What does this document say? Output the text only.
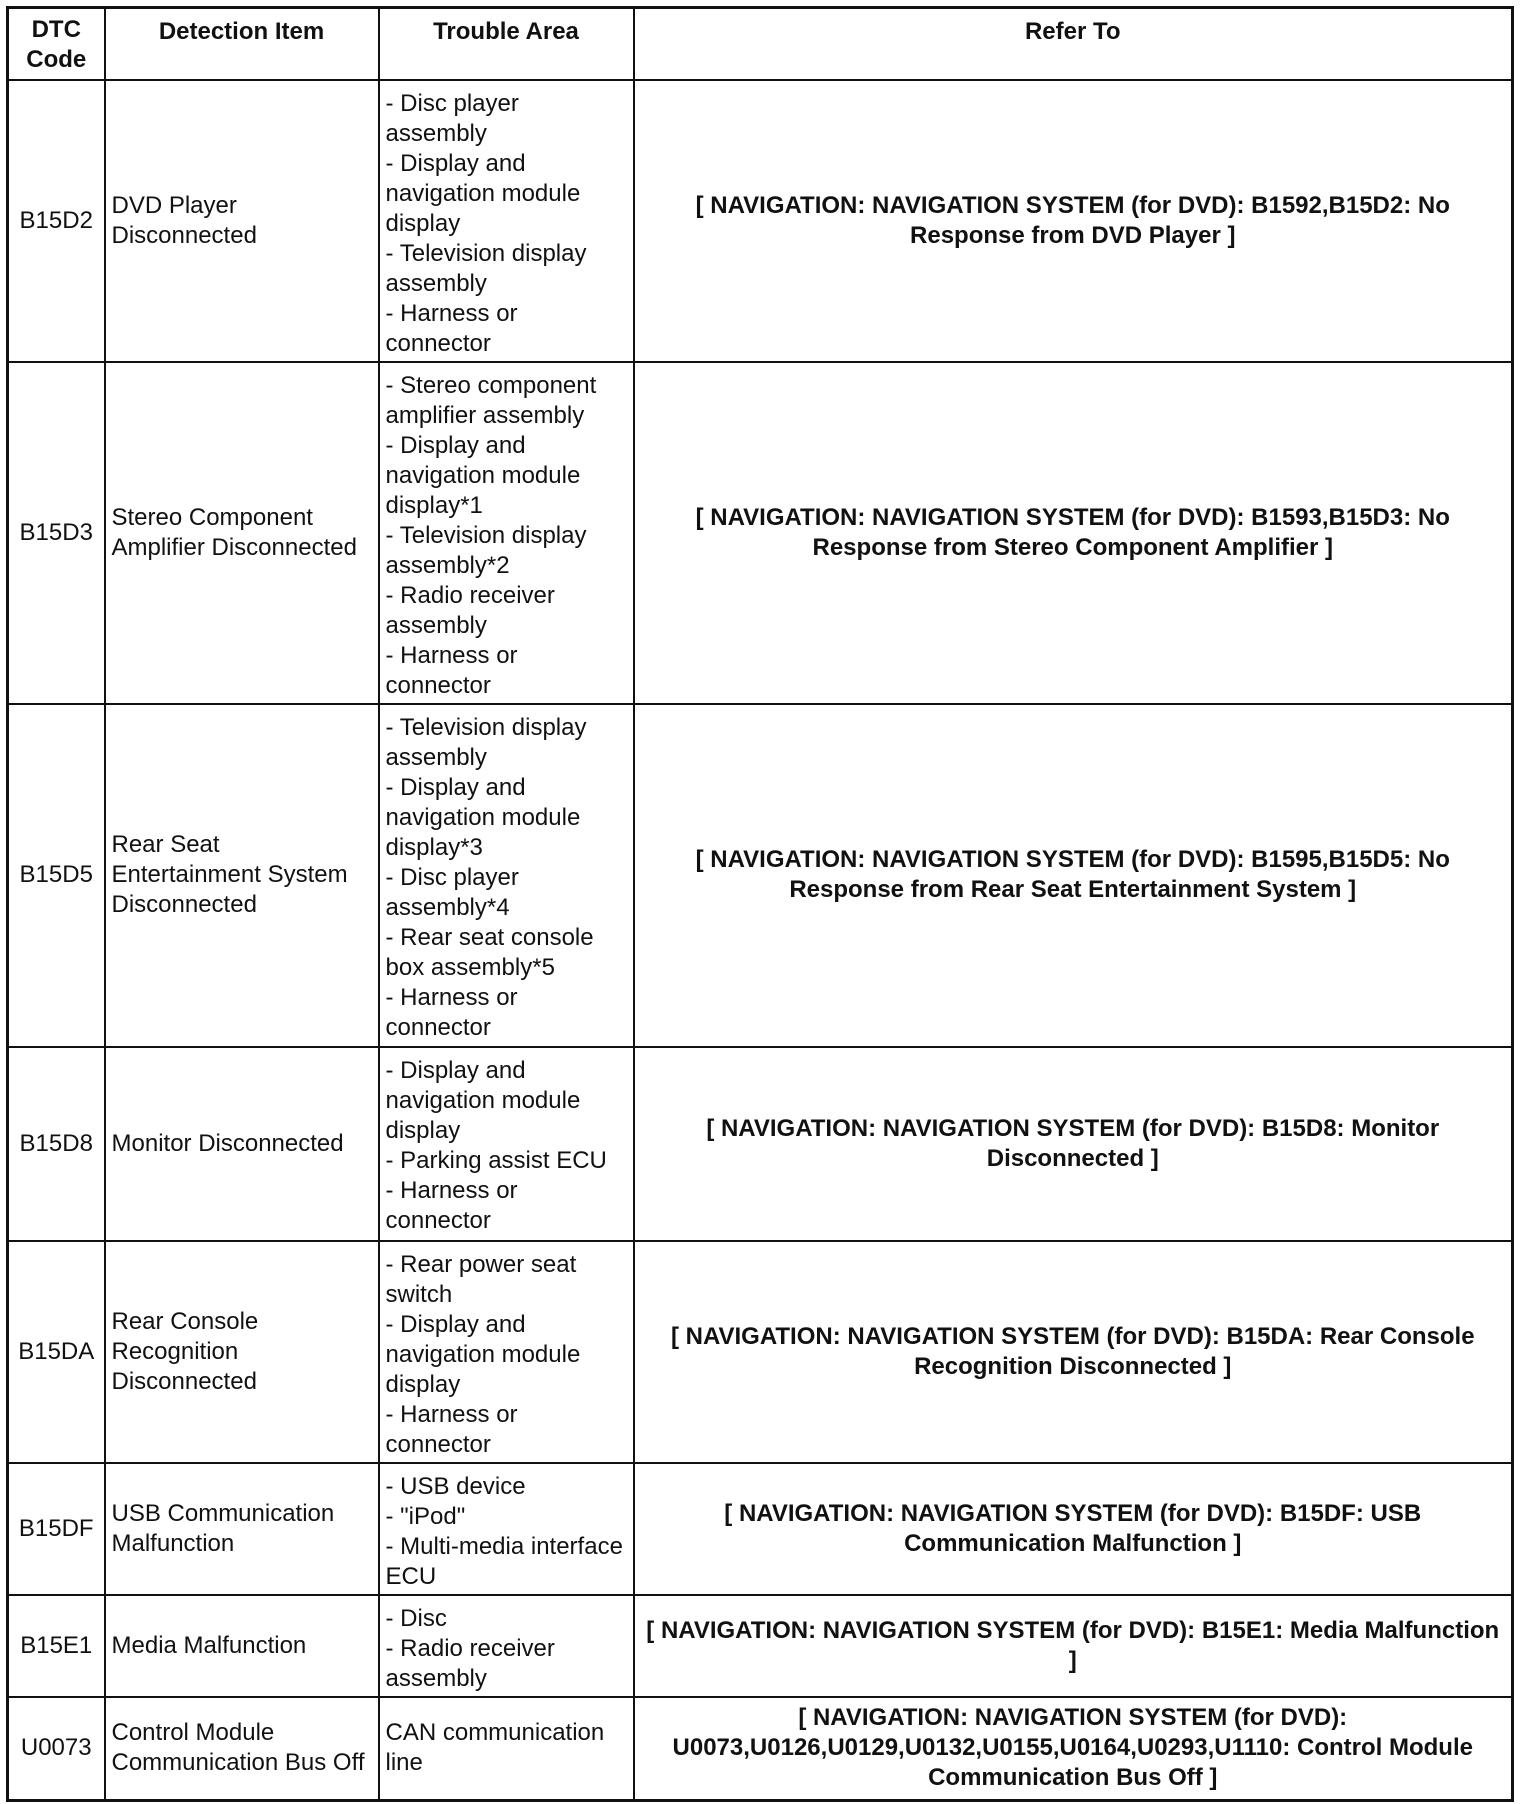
DTC Code	Detection Item	Trouble Area	Refer To
B15D2	DVD Player Disconnected	- Disc player assembly
- Display and navigation module display
- Television display assembly
- Harness or connector	[ NAVIGATION: NAVIGATION SYSTEM (for DVD): B1592,B15D2: No Response from DVD Player ]
B15D3	Stereo Component Amplifier Disconnected	- Stereo component amplifier assembly
- Display and navigation module display*1
- Television display assembly*2
- Radio receiver assembly
- Harness or connector	[ NAVIGATION: NAVIGATION SYSTEM (for DVD): B1593,B15D3: No Response from Stereo Component Amplifier ]
B15D5	Rear Seat Entertainment System Disconnected	- Television display assembly
- Display and navigation module display*3
- Disc player assembly*4
- Rear seat console box assembly*5
- Harness or connector	[ NAVIGATION: NAVIGATION SYSTEM (for DVD): B1595,B15D5: No Response from Rear Seat Entertainment System ]
B15D8	Monitor Disconnected	- Display and navigation module display
- Parking assist ECU
- Harness or connector	[ NAVIGATION: NAVIGATION SYSTEM (for DVD): B15D8: Monitor Disconnected ]
B15DA	Rear Console Recognition Disconnected	- Rear power seat switch
- Display and navigation module display
- Harness or connector	[ NAVIGATION: NAVIGATION SYSTEM (for DVD): B15DA: Rear Console Recognition Disconnected ]
B15DF	USB Communication Malfunction	- USB device
- "iPod"
- Multi-media interface ECU	[ NAVIGATION: NAVIGATION SYSTEM (for DVD): B15DF: USB Communication Malfunction ]
B15E1	Media Malfunction	- Disc
- Radio receiver assembly	[ NAVIGATION: NAVIGATION SYSTEM (for DVD): B15E1: Media Malfunction ]
U0073	Control Module Communication Bus Off	CAN communication line	[ NAVIGATION: NAVIGATION SYSTEM (for DVD): U0073,U0126,U0129,U0132,U0155,U0164,U0293,U1110: Control Module Communication Bus Off ]
